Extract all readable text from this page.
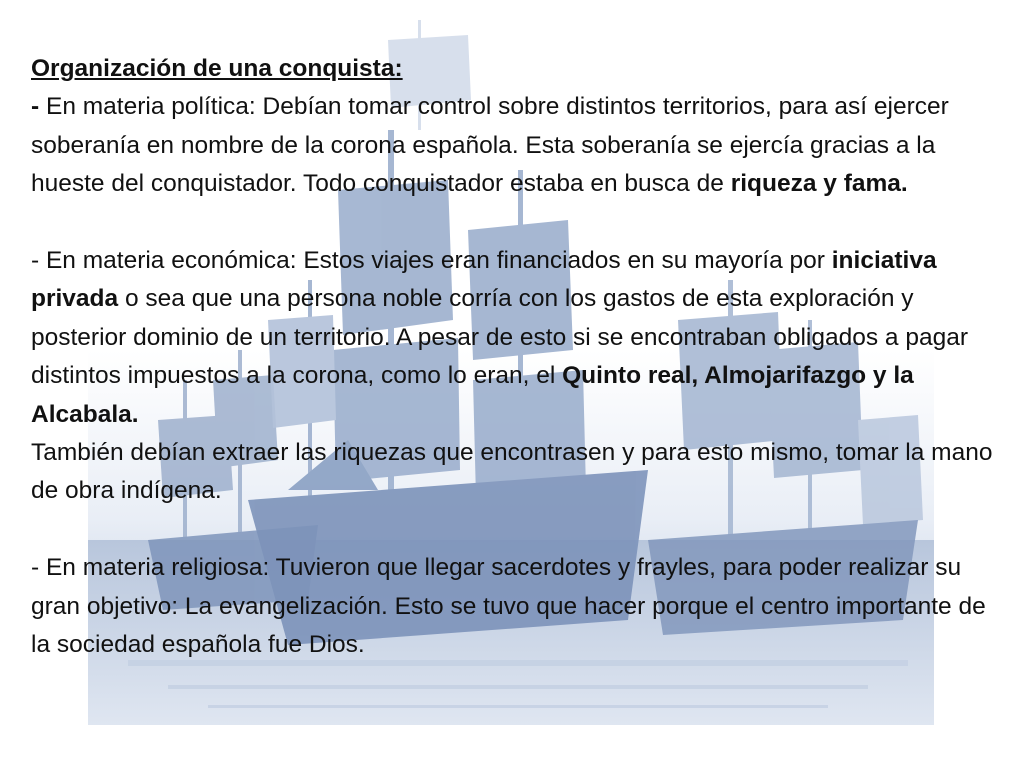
Organización de una conquista:

- En materia política: Debían tomar control sobre distintos territorios, para así ejercer soberanía en nombre de la corona española. Esta soberanía se ejercía gracias a la hueste del conquistador. Todo conquistador estaba en busca de riqueza y fama.

- En materia económica: Estos viajes eran financiados en su mayoría por iniciativa privada o sea que una persona noble corría con los gastos de esta exploración y posterior dominio de un territorio. A pesar de esto si se encontraban obligados a pagar distintos impuestos a la corona, como lo eran, el Quinto real, Almojarifazgo y la Alcabala.

También debían extraer las riquezas que encontrasen y para esto mismo, tomar la mano de obra indígena.

- En materia religiosa: Tuvieron que llegar sacerdotes y frayles, para poder realizar su gran objetivo: La evangelización. Esto se tuvo que hacer porque el centro importante de la sociedad española fue Dios.
